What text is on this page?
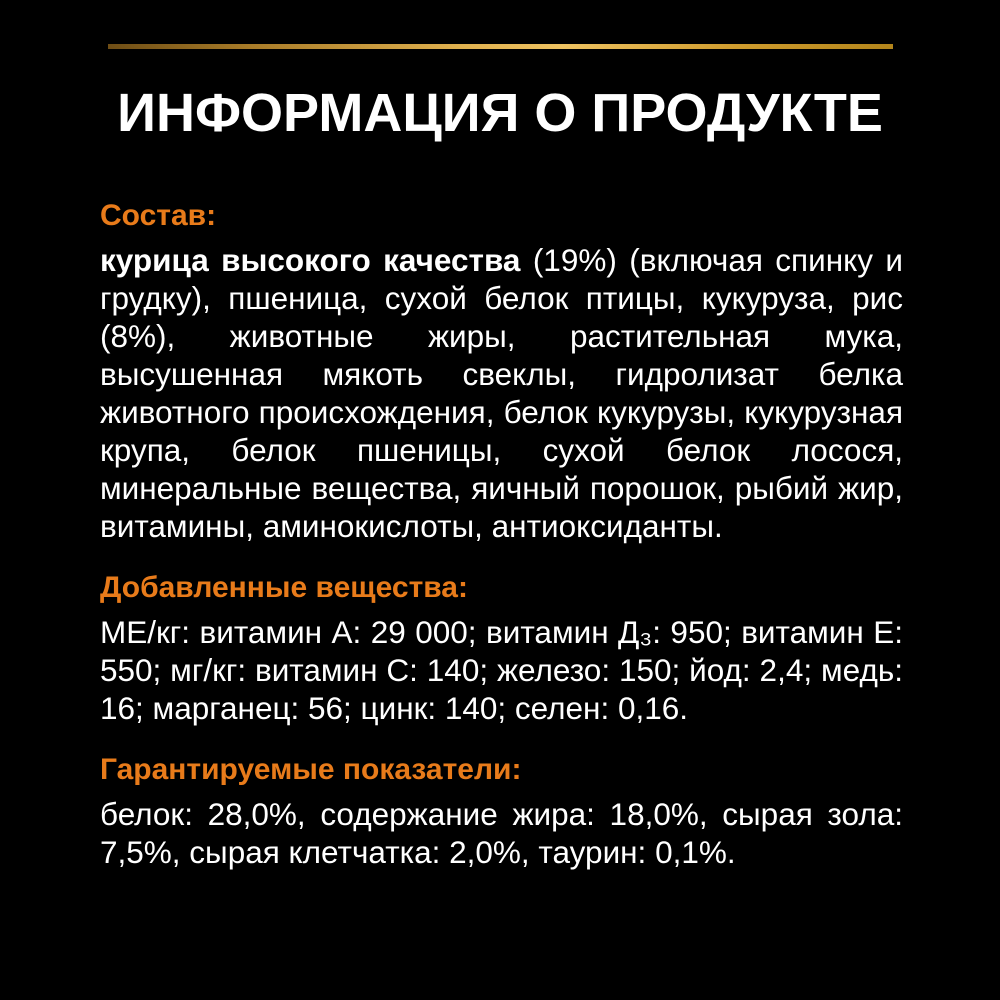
ИНФОРМАЦИЯ О ПРОДУКТЕ
Состав:

курица высокого качества (19%) (включая спинку и грудку), пшеница, сухой белок птицы, кукуруза, рис (8%), животные жиры, растительная мука, высушенная мякоть свеклы, гидролизат белка животного происхождения, белок кукурузы, кукурузная крупа, белок пшеницы, сухой белок лосося, минеральные вещества, яичный порошок, рыбий жир, витамины, аминокислоты, антиоксиданты.

Добавленные вещества:

МЕ/кг: витамин А: 29 000; витамин Д₃: 950; витамин Е: 550; мг/кг: витамин С: 140; железо: 150; йод: 2,4; медь: 16; марганец: 56; цинк: 140; селен: 0,16.

Гарантируемые показатели:

белок: 28,0%, содержание жира: 18,0%, сырая зола: 7,5%, сырая клетчатка: 2,0%, таурин: 0,1%.
